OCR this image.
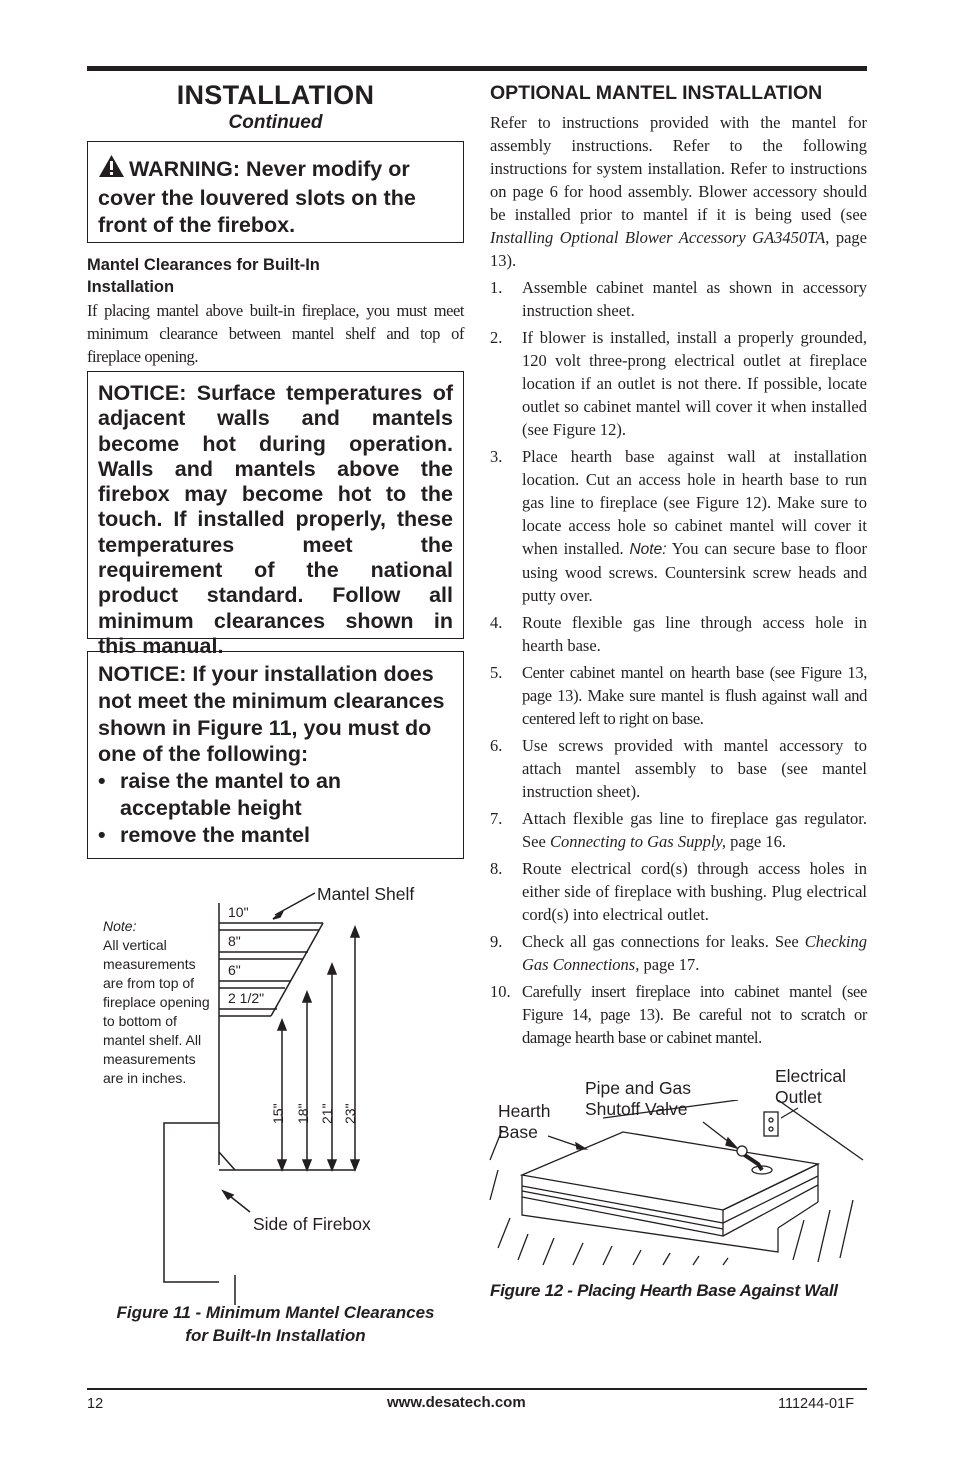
INSTALLATION
Continued
WARNING: Never modify or cover the louvered slots on the front of the firebox.
Mantel Clearances for Built-In Installation
If placing mantel above built-in fireplace, you must meet minimum clearance between mantel shelf and top of fireplace opening.
NOTICE: Surface temperatures of adjacent walls and mantels become hot during operation. Walls and mantels above the firebox may become hot to the touch. If installed properly, these temperatures meet the requirement of the national product standard. Follow all minimum clearances shown in this manual.
NOTICE: If your installation does not meet the minimum clearances shown in Figure 11, you must do one of the following:
• raise the mantel to an acceptable height
• remove the mantel
Note:
All vertical measurements are from top of fireplace opening to bottom of mantel shelf. All measurements are in inches.
Mantel Shelf
10"
8"
6"
2 1/2"
15" 18" 21" 23"
Side of Firebox
Figure 11 - Minimum Mantel Clearances
for Built-In Installation
OPTIONAL MANTEL INSTALLATION
Refer to instructions provided with the mantel for assembly instructions. Refer to the following instructions for system installation. Refer to instructions on page 6 for hood assembly. Blower accessory should be installed prior to mantel if it is being used (see Installing Optional Blower Accessory GA3450TA, page 13).
1.	Assemble cabinet mantel as shown in accessory instruction sheet.
2.	If blower is installed, install a properly grounded, 120 volt three-prong electrical outlet at fireplace location if an outlet is not there. If possible, locate outlet so cabinet mantel will cover it when installed (see Figure 12).
3.	Place hearth base against wall at installation location. Cut an access hole in hearth base to run gas line to fireplace (see Figure 12). Make sure to locate access hole so cabinet mantel will cover it when installed. Note: You can secure base to floor using wood screws. Countersink screw heads and putty over.
4.	Route flexible gas line through access hole in hearth base.
5.	Center cabinet mantel on hearth base (see Figure 13, page 13). Make sure mantel is flush against wall and centered left to right on base.
6.	Use screws provided with mantel accessory to attach mantel assembly to base (see mantel instruction sheet).
7.	Attach flexible gas line to fireplace gas regulator. See Connecting to Gas Supply, page 16.
8.	Route electrical cord(s) through access holes in either side of fireplace with bushing. Plug electrical cord(s) into electrical outlet.
9.	Check all gas connections for leaks. See Checking Gas Connections, page 17.
10. Carefully insert fireplace into cabinet mantel (see Figure 14, page 13). Be careful not to scratch or damage hearth base or cabinet mantel.
Hearth Base
Pipe and Gas Shutoff Valve
Electrical Outlet
Figure 12 - Placing Hearth Base Against Wall
12	www.desatech.com	111244-01F
